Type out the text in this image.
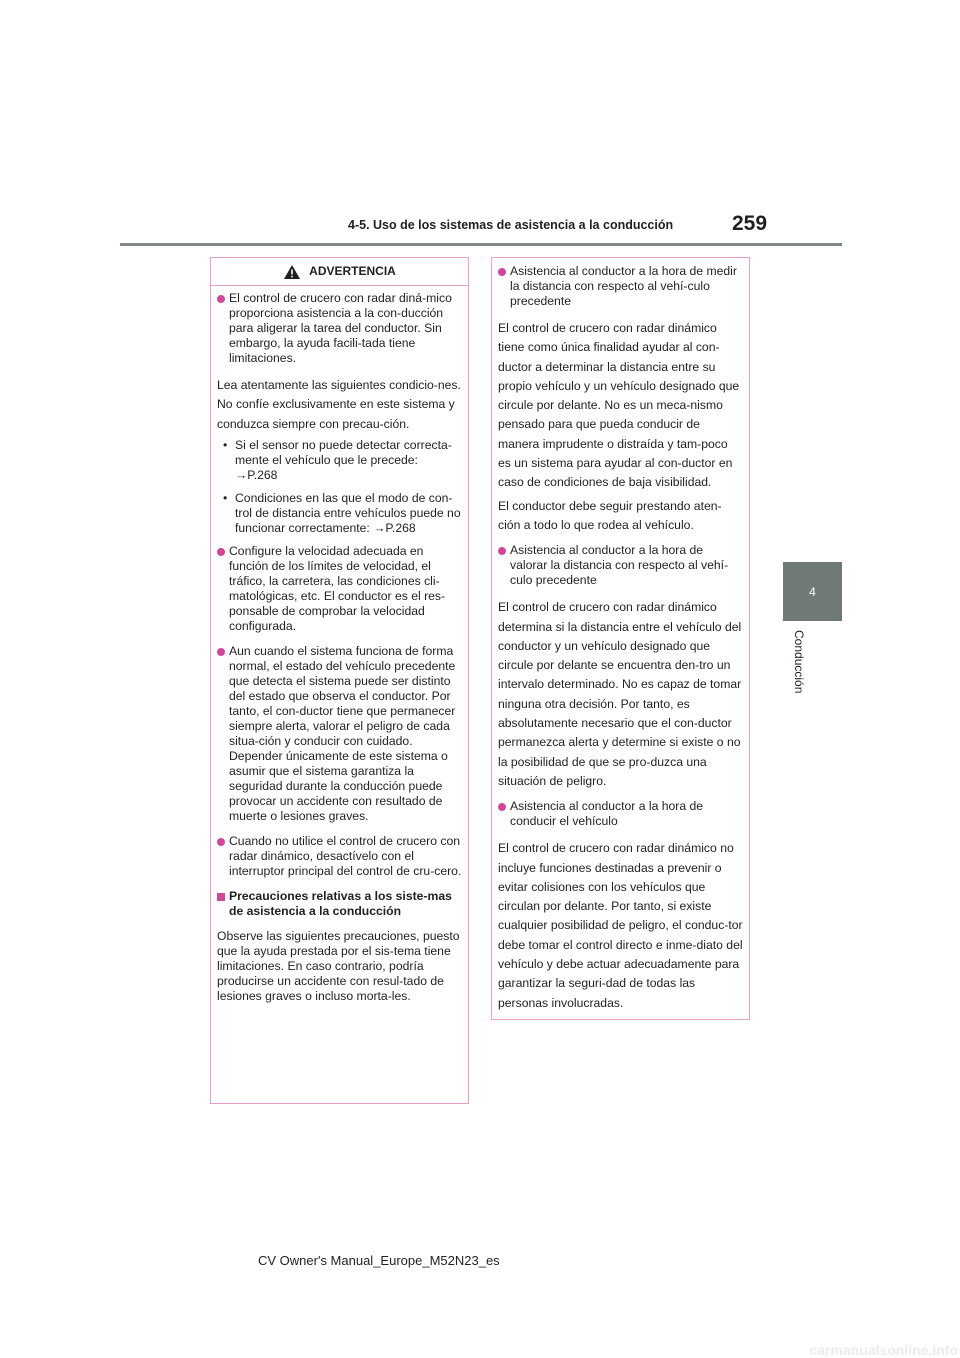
4-5. Uso de los sistemas de asistencia a la conducción	259
4
Conducción
ADVERTENCIA
El control de crucero con radar diná-mico proporciona asistencia a la con-ducción para aligerar la tarea del conductor. Sin embargo, la ayuda facili-tada tiene limitaciones.

Lea atentamente las siguientes condicio-nes. No confíe exclusivamente en este sistema y conduzca siempre con precau-ción.

• Si el sensor no puede detectar correcta-mente el vehículo que le precede: →P.268
• Condiciones en las que el modo de con-trol de distancia entre vehículos puede no funcionar correctamente: →P.268
Configure la velocidad adecuada en función de los límites de velocidad, el tráfico, la carretera, las condiciones cli-matológicas, etc. El conductor es el res-ponsable de comprobar la velocidad configurada.
Aun cuando el sistema funciona de forma normal, el estado del vehículo precedente que detecta el sistema puede ser distinto del estado que observa el conductor. Por tanto, el con-ductor tiene que permanecer siempre alerta, valorar el peligro de cada situa-ción y conducir con cuidado. Depender únicamente de este sistema o asumir que el sistema garantiza la seguridad durante la conducción puede provocar un accidente con resultado de muerte o lesiones graves.
Cuando no utilice el control de crucero con radar dinámico, desactívelo con el interruptor principal del control de cru-cero.
Precauciones relativas a los siste-mas de asistencia a la conducción

Observe las siguientes precauciones, puesto que la ayuda prestada por el sis-tema tiene limitaciones. En caso contrario, podría producirse un accidente con resul-tado de lesiones graves o incluso morta-les.

Asistencia al conductor a la hora de medir la distancia con respecto al vehí-culo precedente

El control de crucero con radar dinámico tiene como única finalidad ayudar al con-ductor a determinar la distancia entre su propio vehículo y un vehículo designado que circule por delante. No es un meca-nismo pensado para que pueda conducir de manera imprudente o distraída y tam-poco es un sistema para ayudar al con-ductor en caso de condiciones de baja visibilidad.

El conductor debe seguir prestando aten-ción a todo lo que rodea al vehículo.

Asistencia al conductor a la hora de valorar la distancia con respecto al vehí-culo precedente

El control de crucero con radar dinámico determina si la distancia entre el vehículo del conductor y un vehículo designado que circule por delante se encuentra den-tro un intervalo determinado. No es capaz de tomar ninguna otra decisión. Por tanto, es absolutamente necesario que el con-ductor permanezca alerta y determine si existe o no la posibilidad de que se pro-duzca una situación de peligro.

Asistencia al conductor a la hora de conducir el vehículo

El control de crucero con radar dinámico no incluye funciones destinadas a prevenir o evitar colisiones con los vehículos que circulan por delante. Por tanto, si existe cualquier posibilidad de peligro, el conduc-tor debe tomar el control directo e inme-diato del vehículo y debe actuar adecuadamente para garantizar la seguri-dad de todas las personas involucradas.

CV Owner's Manual_Europe_M52N23_es
carmanualsonline.info
